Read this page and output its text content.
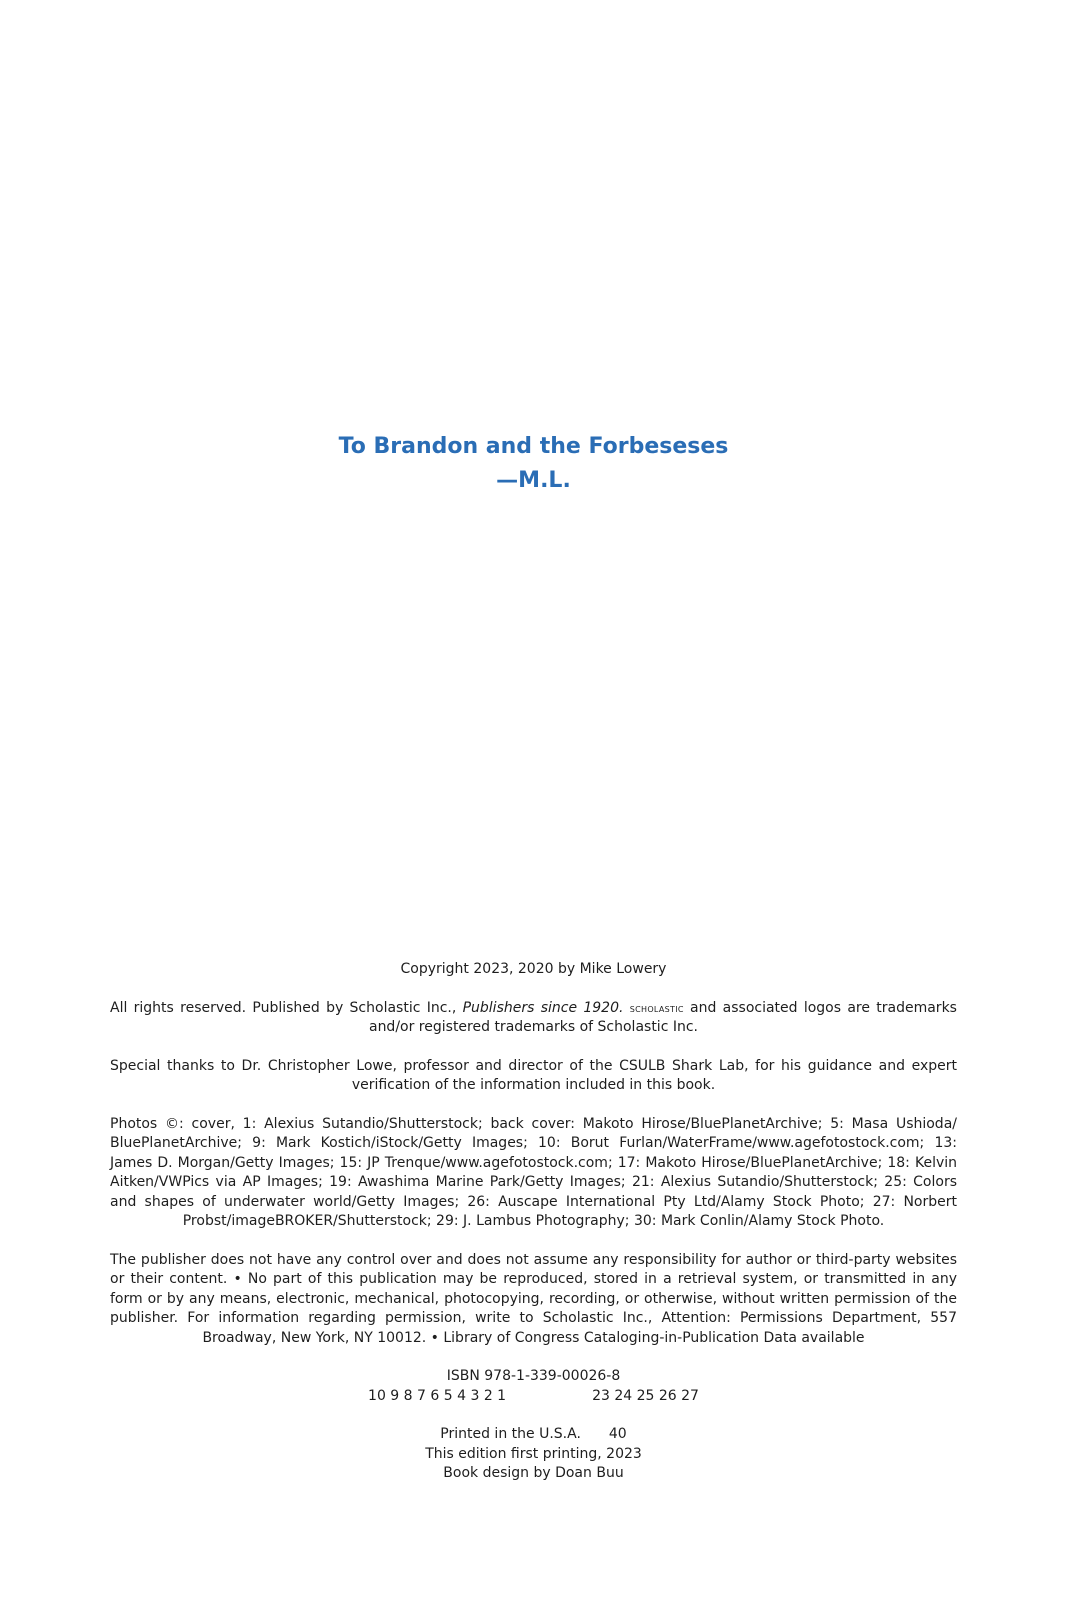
To Brandon and the Forbeseses
—M.L.

Copyright 2023, 2020 by Mike Lowery

All rights reserved. Published by Scholastic Inc., Publishers since 1920. scholastic and associated logos are trademarks and/or registered trademarks of Scholastic Inc.

Special thanks to Dr. Christopher Lowe, professor and director of the CSULB Shark Lab, for his guidance and expert verification of the information included in this book.

Photos ©: cover, 1: Alexius Sutandio/Shutterstock; back cover: Makoto Hirose/BluePlanetArchive; 5: Masa Ushioda/ BluePlanetArchive; 9: Mark Kostich/iStock/Getty Images; 10: Borut Furlan/WaterFrame/www.agefotostock.com; 13: James D. Morgan/Getty Images; 15: JP Trenque/www.agefotostock.com; 17: Makoto Hirose/BluePlanetArchive; 18: Kelvin Aitken/VWPics via AP Images; 19: Awashima Marine Park/Getty Images; 21: Alexius Sutandio/Shutterstock; 25: Colors and shapes of underwater world/Getty Images; 26: Auscape International Pty Ltd/Alamy Stock Photo; 27: Norbert Probst/imageBROKER/Shutterstock; 29: J. Lambus Photography; 30: Mark Conlin/Alamy Stock Photo.

The publisher does not have any control over and does not assume any responsibility for author or third-party websites or their content. • No part of this publication may be reproduced, stored in a retrieval system, or transmitted in any form or by any means, electronic, mechanical, photocopying, recording, or otherwise, without written permission of the publisher. For information regarding permission, write to Scholastic Inc., Attention: Permissions Department, 557 Broadway, New York, NY 10012. • Library of Congress Cataloging-in-Publication Data available

ISBN 978-1-339-00026-8

10 9 8 7 6 5 4 3 2 1	23 24 25 26 27

Printed in the U.S.A. 40

This edition first printing, 2023

Book design by Doan Buu
